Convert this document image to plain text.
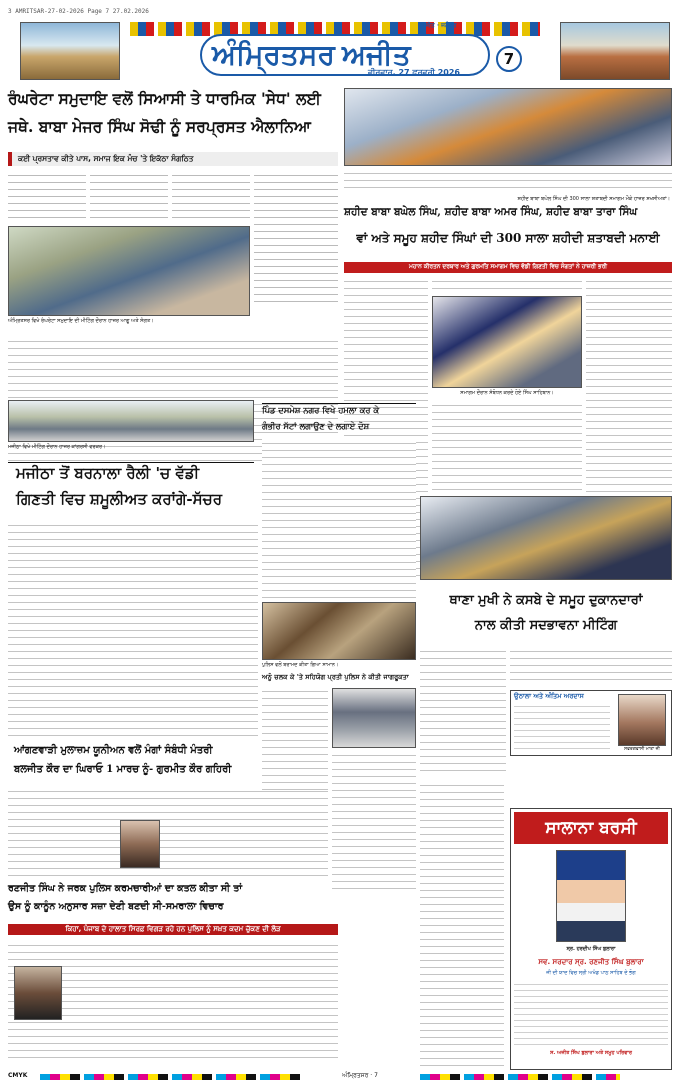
3 AMRITSAR-27-02-2026 Page 7 27.02.2026
ਅਜੀਤ · ਜਲੰਧਰ
ਅੰਮ੍ਰਿਤਸਰ ਅਜੀਤ
ਵੀਰਵਾਰ, 27 ਫਰਵਰੀ 2026
7
ਰੰਘਰੇਟਾ ਸਮੁਦਾਇ ਵਲੋਂ ਸਿਆਸੀ ਤੇ ਧਾਰਮਿਕ 'ਸੇਧ' ਲਈ
ਜਥੇ. ਬਾਬਾ ਮੇਜਰ ਸਿੰਘ ਸੋਢੀ ਨੂੰ ਸਰਪ੍ਰਸਤ ਐਲਾਨਿਆ
ਕਈ ਪ੍ਰਸਤਾਵ ਕੀਤੇ ਪਾਸ, ਸਮਾਜ ਇਕ ਮੰਚ 'ਤੇ ਇਕੱਠਾ ਸੰਗਠਿਤ
ਅੰਮ੍ਰਿਤਸਰ ਵਿਖੇ ਰੰਘਰੇਟਾ ਸਮੁਦਾਇ ਦੀ ਮੀਟਿੰਗ ਦੌਰਾਨ ਹਾਜ਼ਰ ਆਗੂ ਅਤੇ ਸੰਗਤ।
ਮਜੀਠਾ ਵਿਖੇ ਮੀਟਿੰਗ ਦੌਰਾਨ ਹਾਜ਼ਰ ਕਾਂਗਰਸੀ ਵਰਕਰ।
ਮਜੀਠਾ ਤੋਂ ਬਰਨਾਲਾ ਰੈਲੀ 'ਚ ਵੱਡੀ
ਗਿਣਤੀ ਵਿਚ ਸ਼ਮੂਲੀਅਤ ਕਰਾਂਗੇ-ਸੱਚਰ
ਆਂਗਣਵਾੜੀ ਮੁਲਾਜ਼ਮ ਯੂਨੀਅਨ ਵਲੋਂ ਮੰਗਾਂ ਸੰਬੰਧੀ ਮੰਤਰੀ
ਬਲਜੀਤ ਕੌਰ ਦਾ ਘਿਰਾਓ 1 ਮਾਰਚ ਨੂੰ- ਗੁਰਮੀਤ ਕੌਰ ਗਹਿਰੀ
ਰਣਜੀਤ ਸਿੰਘ ਨੇ ਜਰਕ ਪੁਲਿਸ ਕਰਮਚਾਰੀਆਂ ਦਾ ਕਤਲ ਕੀਤਾ ਸੀ ਤਾਂ
ਉਸ ਨੂੰ ਕਾਨੂੰਨ ਅਨੁਸਾਰ ਸਜ਼ਾ ਦੇਣੀ ਬਣਦੀ ਸੀ-ਸਮਰਾਲਾ ਵਿਚਾਰ
ਕਿਹਾ, ਪੰਜਾਬ ਦੇ ਹਾਲਾਤ ਸਿਰਫ਼ ਵਿਗੜ ਰਹੇ ਹਨ ਪੁਲਿਸ ਨੂੰ ਸਖ਼ਤ ਕਦਮ ਚੁੱਕਣ ਦੀ ਲੋੜ
ਸ਼ਹੀਦ ਬਾਬਾ ਬਘੇਲ ਸਿੰਘ ਦੀ 300 ਸਾਲਾ ਸ਼ਤਾਬਦੀ ਸਮਾਗਮ ਮੌਕੇ ਹਾਜ਼ਰ ਸ਼ਖਸੀਅਤਾਂ।
ਸ਼ਹੀਦ ਬਾਬਾ ਬਘੇਲ ਸਿੰਘ, ਸ਼ਹੀਦ ਬਾਬਾ ਅਮਰ ਸਿੰਘ, ਸ਼ਹੀਦ ਬਾਬਾ ਤਾਰਾ ਸਿੰਘ
ਵਾਂ ਅਤੇ ਸਮੂਹ ਸ਼ਹੀਦ ਸਿੰਘਾਂ ਦੀ 300 ਸਾਲਾ ਸ਼ਹੀਦੀ ਸ਼ਤਾਬਦੀ ਮਨਾਈ
ਮਹਾਨ ਕੀਰਤਨ ਦਰਬਾਰ ਅਤੇ ਗੁਰਮਤਿ ਸਮਾਗਮ ਵਿਚ ਵੱਡੀ ਗਿਣਤੀ ਵਿਚ ਸੰਗਤਾਂ ਨੇ ਹਾਜ਼ਰੀ ਭਰੀ
ਸਮਾਗਮ ਦੌਰਾਨ ਸੰਬੋਧਨ ਕਰਦੇ ਹੋਏ ਸਿੰਘ ਸਾਹਿਬਾਨ।
ਪਿੰਡ ਦਸਮੇਸ਼ ਨਗਰ ਵਿਖੇ ਹਮਲਾ ਕਰ ਕੇ
ਗੰਭੀਰ ਸੱਟਾਂ ਲਗਾਉਣ ਦੇ ਲਗਾਏ ਦੋਸ਼
ਪੁਲਿਸ ਵਲੋਂ ਬਰਾਮਦ ਕੀਤਾ ਗਿਆ ਸਾਮਾਨ।
ਥਾਣਾ ਮੁਖੀ ਨੇ ਕਸਬੇ ਦੇ ਸਮੂਹ ਦੁਕਾਨਦਾਰਾਂ
ਨਾਲ ਕੀਤੀ ਸਦਭਾਵਨਾ ਮੀਟਿੰਗ
ਅਨੂੰ ਚਲਕ ਕੇ 'ਤੇ ਸਹਿਯੋਗ ਪ੍ਰਤੀ ਪੁਲਿਸ ਨੇ ਕੀਤੀ ਜਾਗਰੂਕਤਾ
ਉਠਾਲਾ ਅਤੇ ਅੰਤਿਮ ਅਰਦਾਸ
ਸਵਰਗਵਾਸੀ ਮਾਤਾ ਜੀ
ਸਾਲਾਨਾ ਬਰਸੀ
ਸ੍ਰ. ਹਰਦੀਪ ਸਿੰਘ ਬੁਲਾਰਾ
ਸਵ. ਸਰਦਾਰ ਸ੍ਰ. ਰਣਜੀਤ ਸਿੰਘ ਬੁਲਾਰਾ
ਜੀ ਦੀ ਯਾਦ ਵਿਚ ਸ੍ਰੀ ਅਖੰਡ ਪਾਠ ਸਾਹਿਬ ਦੇ ਭੋਗ
ਸ. ਅਜੀਤ ਸਿੰਘ ਬੁਲਾਰਾ ਅਤੇ ਸਮੂਹ ਪਰਿਵਾਰ
CMYK	ਅੰਮ੍ਰਿਤਸਰ · 7
